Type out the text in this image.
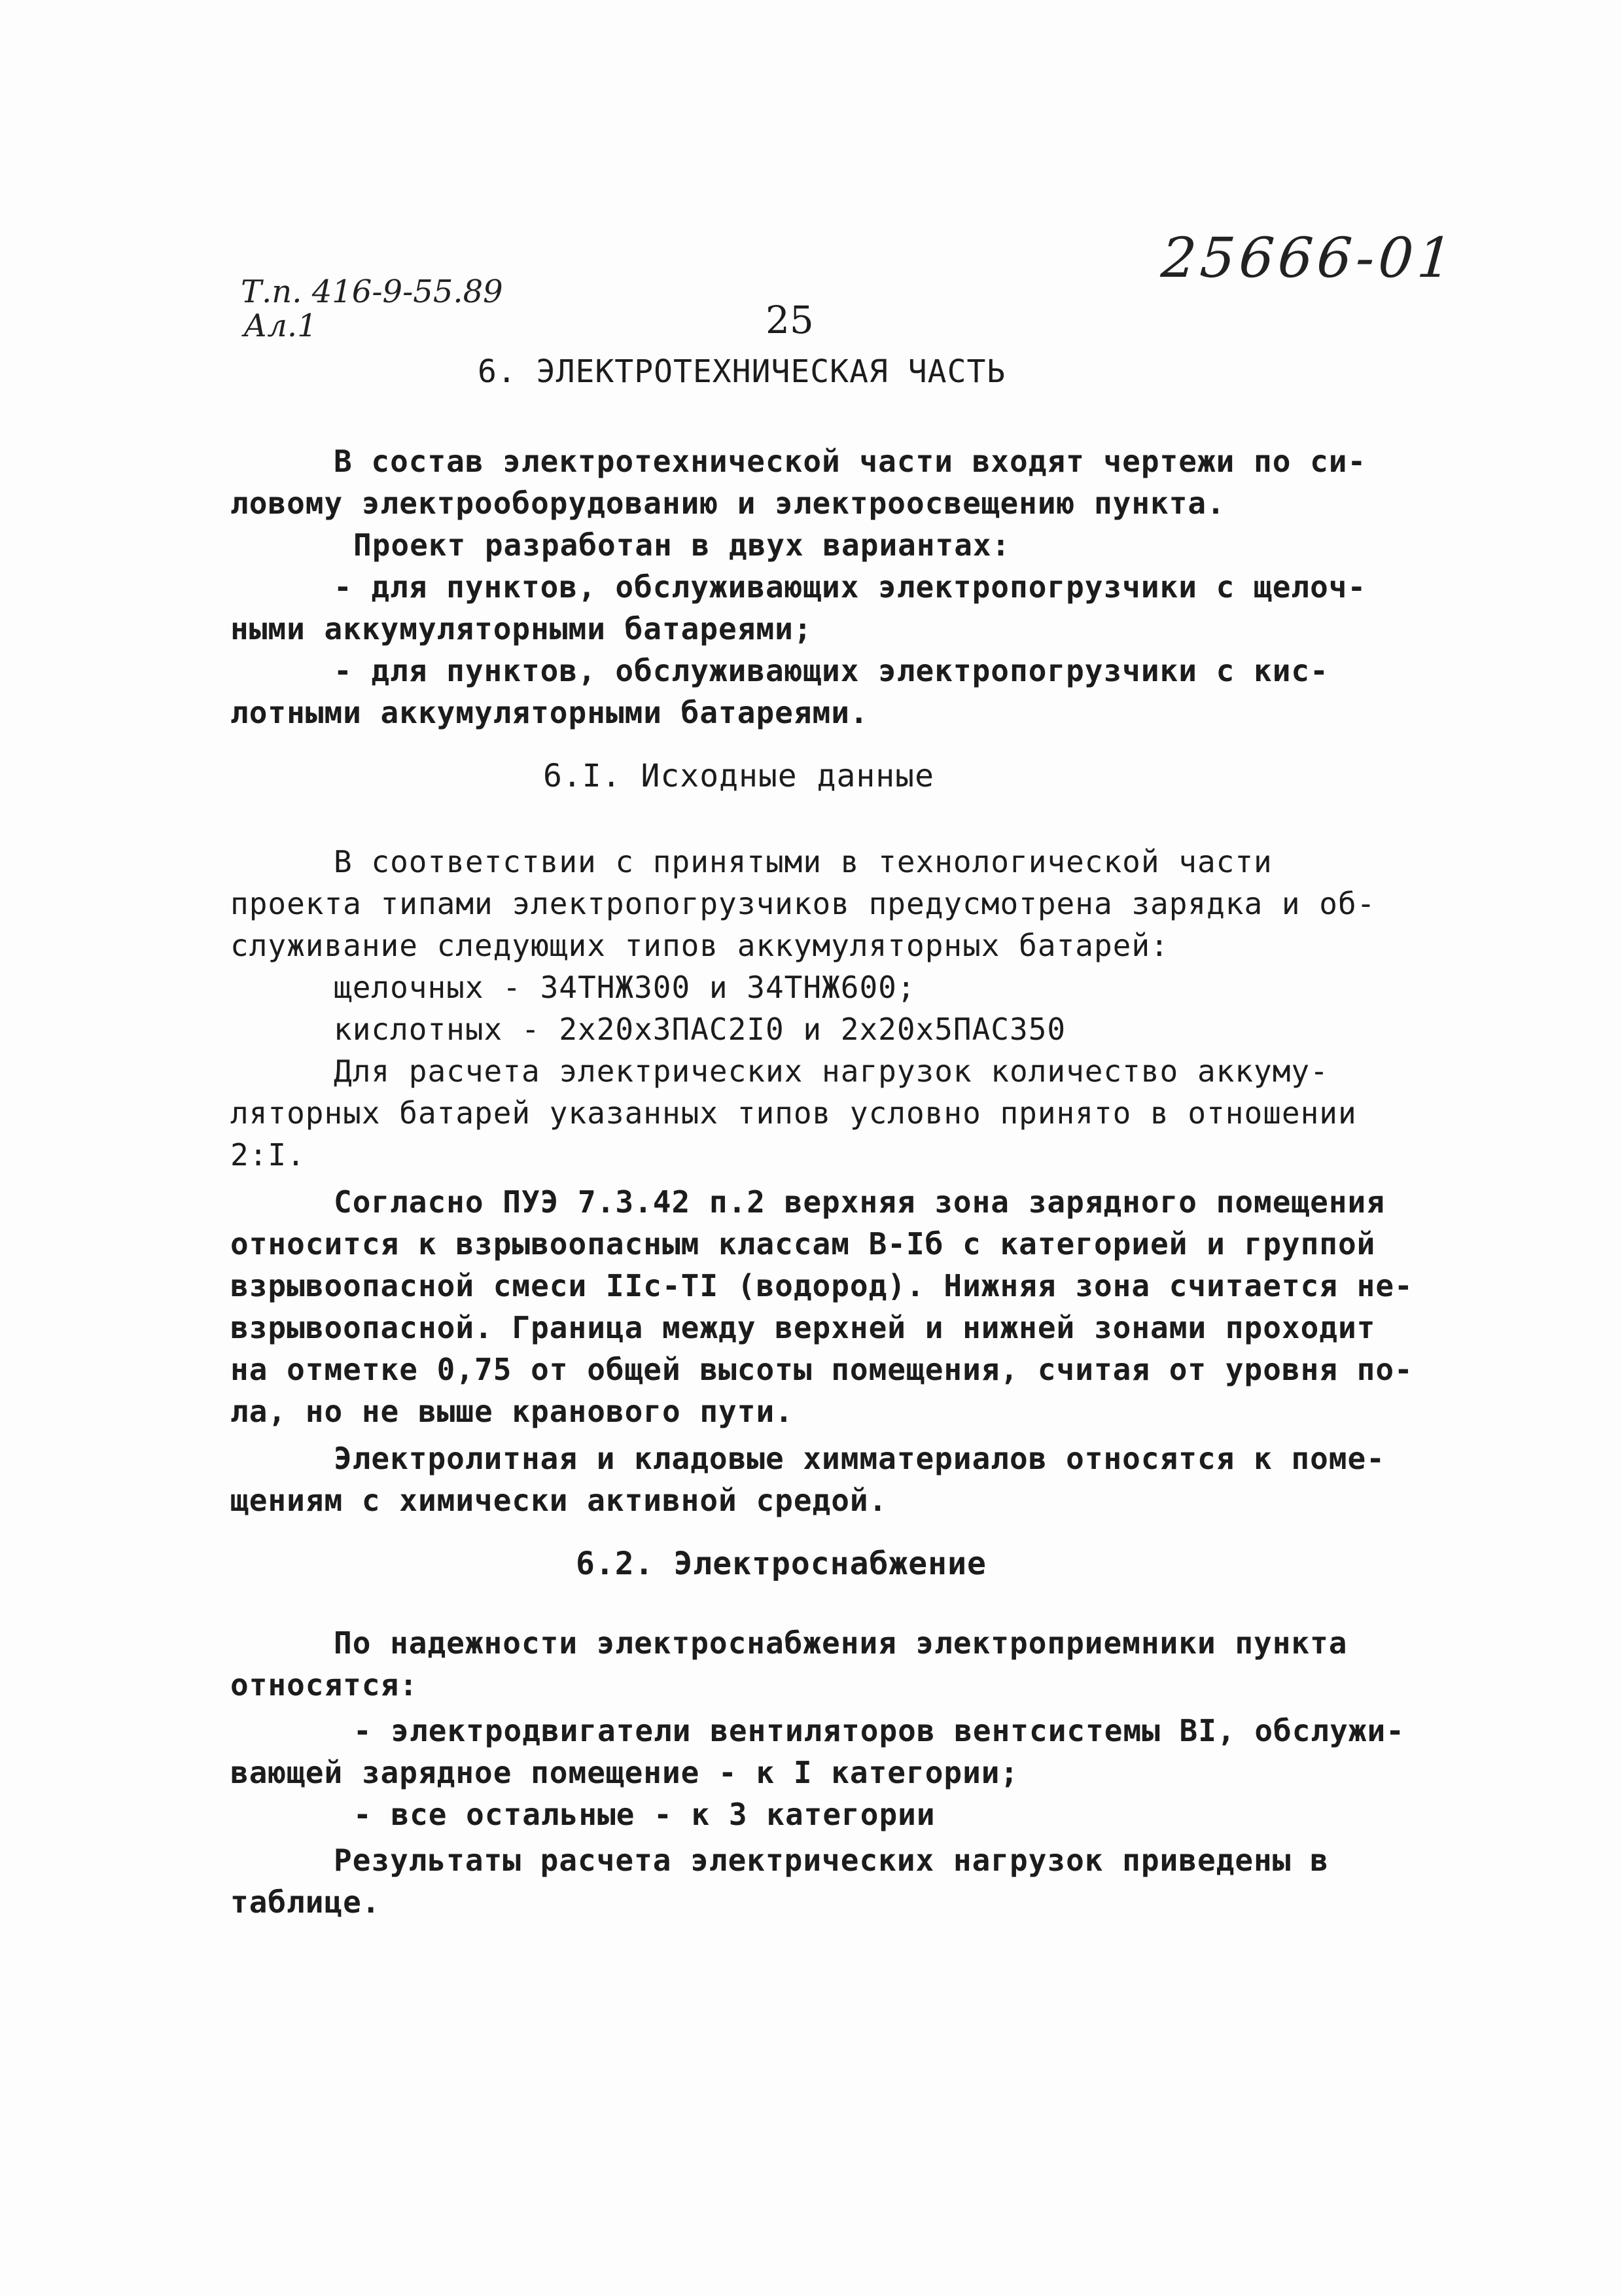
25666-01
Т.п. 416-9-55.89
Ал.1	25
6. ЭЛЕКТРОТЕХНИЧЕСКАЯ ЧАСТЬ
В состав электротехнической части входят чертежи по си-
ловому электрооборудованию и электроосвещению пункта.
Проект разработан в двух вариантах:
- для пунктов, обслуживающих электропогрузчики с щелоч-
ными аккумуляторными батареями;
- для пунктов, обслуживающих электропогрузчики с кис-
лотными аккумуляторными батареями.
6.I. Исходные данные
В соответствии с принятыми в технологической части
проекта типами электропогрузчиков предусмотрена зарядка и об-
служивание следующих типов аккумуляторных батарей:
щелочных - 34ТНЖ300 и 34ТНЖ600;
кислотных - 2х20х3ПАС2I0 и 2х20х5ПАС350
Для расчета электрических нагрузок количество аккуму-
ляторных батарей указанных типов условно принято в отношении
2:I.
Согласно ПУЭ 7.3.42 п.2 верхняя зона зарядного помещения
относится к взрывоопасным классам В-Iб с категорией и группой
взрывоопасной смеси IIс-TI (водород). Нижняя зона считается не-
взрывоопасной. Граница между верхней и нижней зонами проходит
на отметке 0,75 от общей высоты помещения, считая от уровня по-
ла, но не выше кранового пути.
Электролитная и кладовые химматериалов относятся к поме-
щениям с химически активной средой.
6.2. Электроснабжение
По надежности электроснабжения электроприемники пункта
относятся:
- электродвигатели вентиляторов вентсистемы ВI, обслужи-
вающей зарядное помещение - к I категории;
- все остальные - к 3 категории
Результаты расчета электрических нагрузок приведены в
таблице.
